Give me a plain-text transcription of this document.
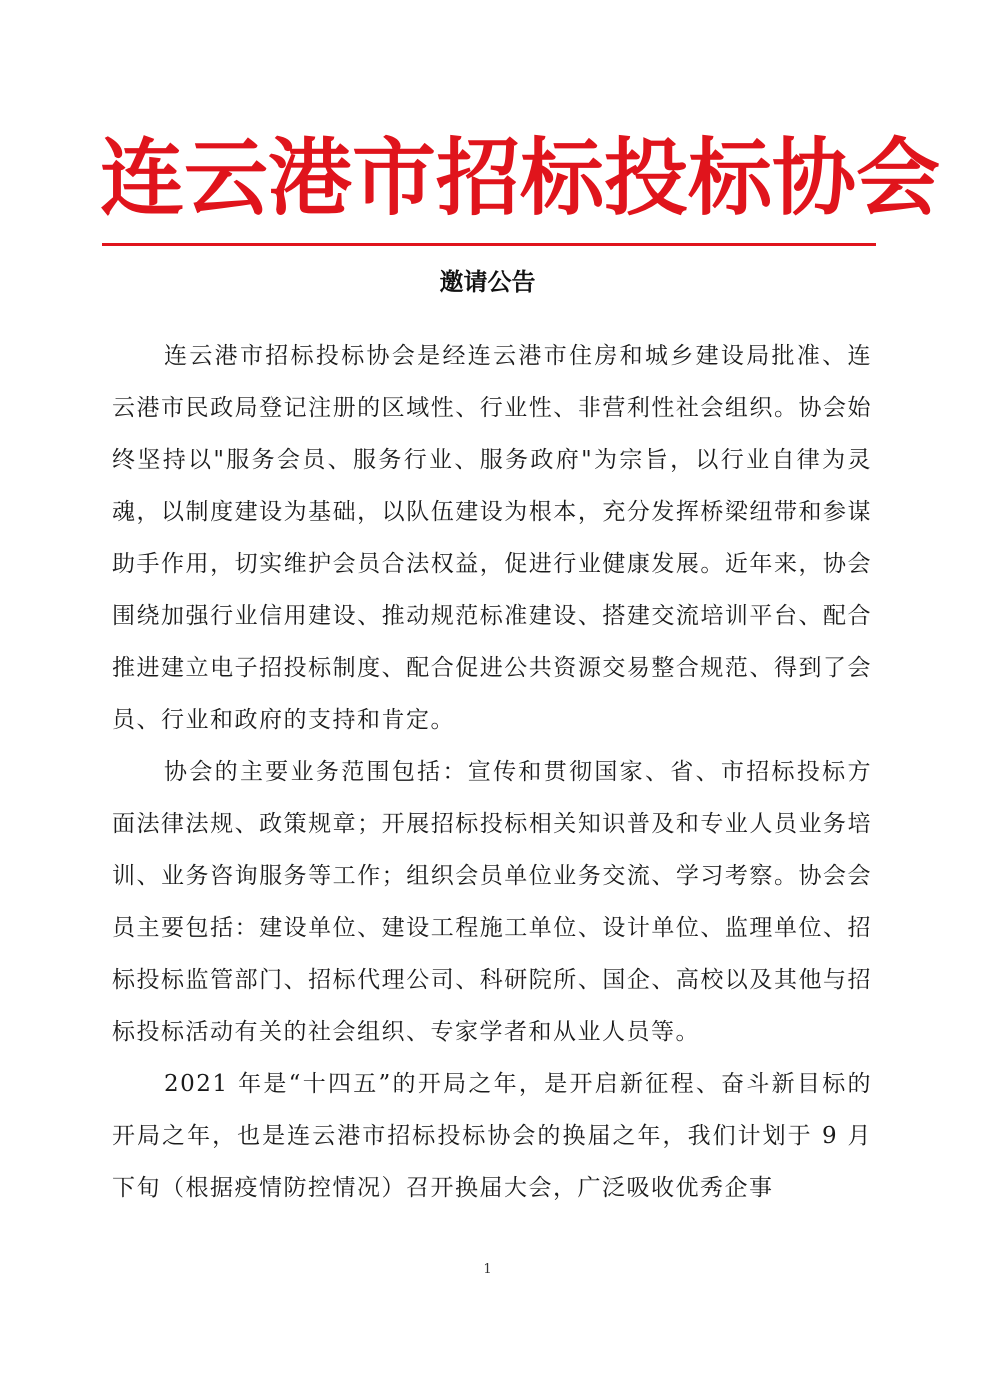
连云港市招标投标协会
邀请公告

连云港市招标投标协会是经连云港市住房和城乡建设局批准、连云港市民政局登记注册的区域性、行业性、非营利性社会组织。协会始终坚持以"服务会员、服务行业、服务政府"为宗旨，以行业自律为灵魂，以制度建设为基础，以队伍建设为根本，充分发挥桥梁纽带和参谋助手作用，切实维护会员合法权益，促进行业健康发展。近年来，协会围绕加强行业信用建设、推动规范标准建设、搭建交流培训平台、配合推进建立电子招投标制度、配合促进公共资源交易整合规范、得到了会员、行业和政府的支持和肯定。

协会的主要业务范围包括：宣传和贯彻国家、省、市招标投标方面法律法规、政策规章；开展招标投标相关知识普及和专业人员业务培训、业务咨询服务等工作；组织会员单位业务交流、学习考察。协会会员主要包括：建设单位、建设工程施工单位、设计单位、监理单位、招标投标监管部门、招标代理公司、科研院所、国企、高校以及其他与招标投标活动有关的社会组织、专家学者和从业人员等。

2021 年是“十四五”的开局之年，是开启新征程、奋斗新目标的开局之年，也是连云港市招标投标协会的换届之年，我们计划于 9 月下旬（根据疫情防控情况）召开换届大会，广泛吸收优秀企事

1
